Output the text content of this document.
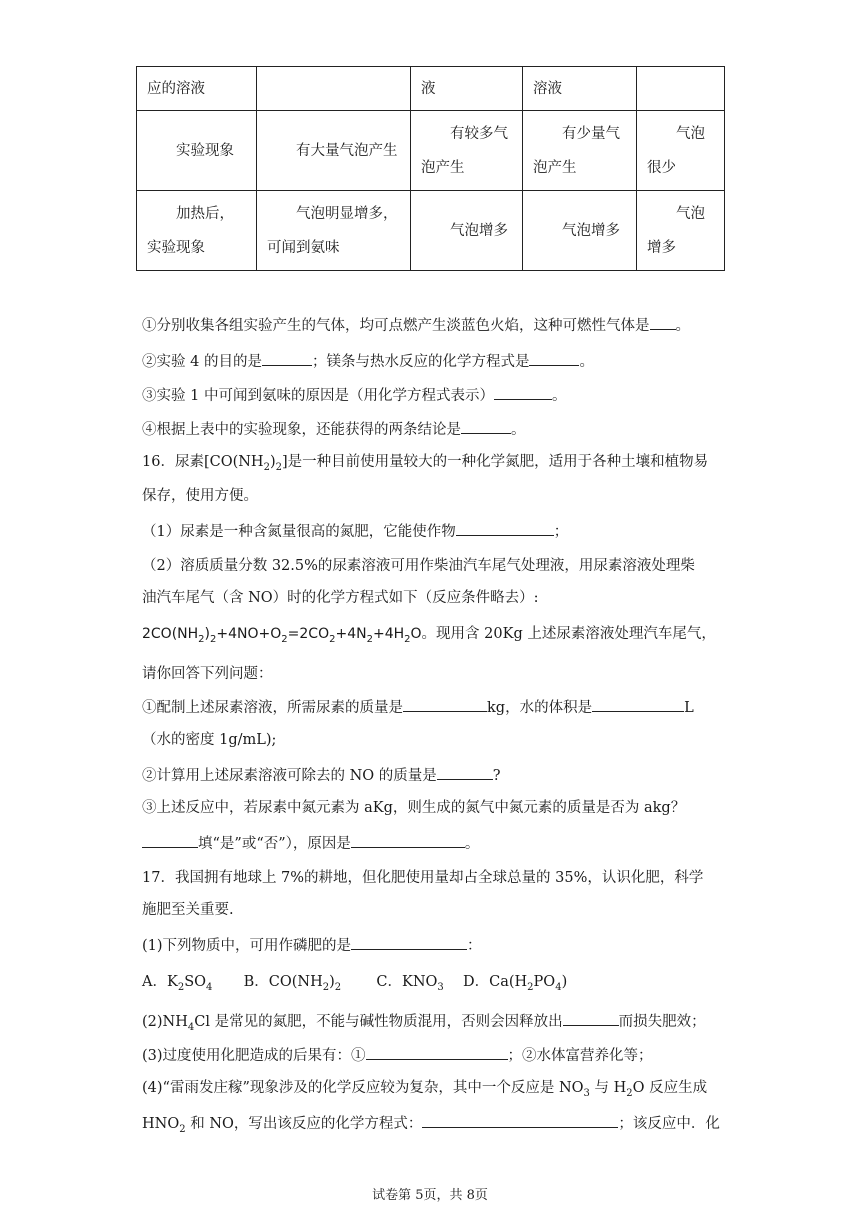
应的溶液		液	溶液	
实验现象	有大量气泡产生	有较多气泡产生	有少量气泡产生	气泡很少
加热后，实验现象	气泡明显增多，可闻到氨味	气泡增多	气泡增多	气泡增多
①分别收集各组实验产生的气体，均可点燃产生淡蓝色火焰，这种可燃性气体是 。
②实验 4 的目的是	；镁条与热水反应的化学方程式是	。
③实验 1 中可闻到氨味的原因是（用化学方程式表示）	。
④根据上表中的实验现象，还能获得的两条结论是	。
16．尿素$[CO(NH_2)_2]$是一种目前使用量较大的一种化学氮肥，适用于各种土壤和植物易
保存，使用方便。
（1）尿素是一种含氮量很高的氮肥，它能使作物	；
（2）溶质质量分数 32.5%的尿素溶液可用作柴油汽车尾气处理液，用尿素溶液处理柴
油汽车尾气（含 NO）时的化学方程式如下（反应条件略去）:
$2CO(NH_2)_2+4NO+O_2=2CO_2+4N_2+4H_2O$。现用含 20Kg 上述尿素溶液处理汽车尾气，
请你回答下列问题：
①配制上述尿素溶液，所需尿素的质量是	kg，水的体积是	L
（水的密度 1g/mL);
②计算用上述尿素溶液可除去的 NO 的质量是	?
③上述反应中，若尿素中氮元素为 aKg，则生成的氮气中氮元素的质量是否为 akg？
填“是”或“否”），原因是	。
17．我国拥有地球上 7%的耕地，但化肥使用量却占全球总量的 35%，认识化肥，科学
施肥至关重要.
(1)下列物质中，可用作磷肥的是	：
A．$K_2SO_4$ B．$CO(NH_2)_2$ C．$KNO_3$ D．$Ca(H_2PO_4)$
$(2)NH_4Cl$ 是常见的氮肥，不能与碱性物质混用，否则会因释放出	而损失肥效；
(3)过度使用化肥造成的后果有：①	；②水体富营养化等；
(4)“雷雨发庄稼”现象涉及的化学反应较为复杂，其中一个反应是 $NO_3$ 与 $H_2O$ 反应生成
$HNO_2$ 和 NO，写出该反应的化学方程式：	；该反应中．化
试卷第 5页，共 8页
